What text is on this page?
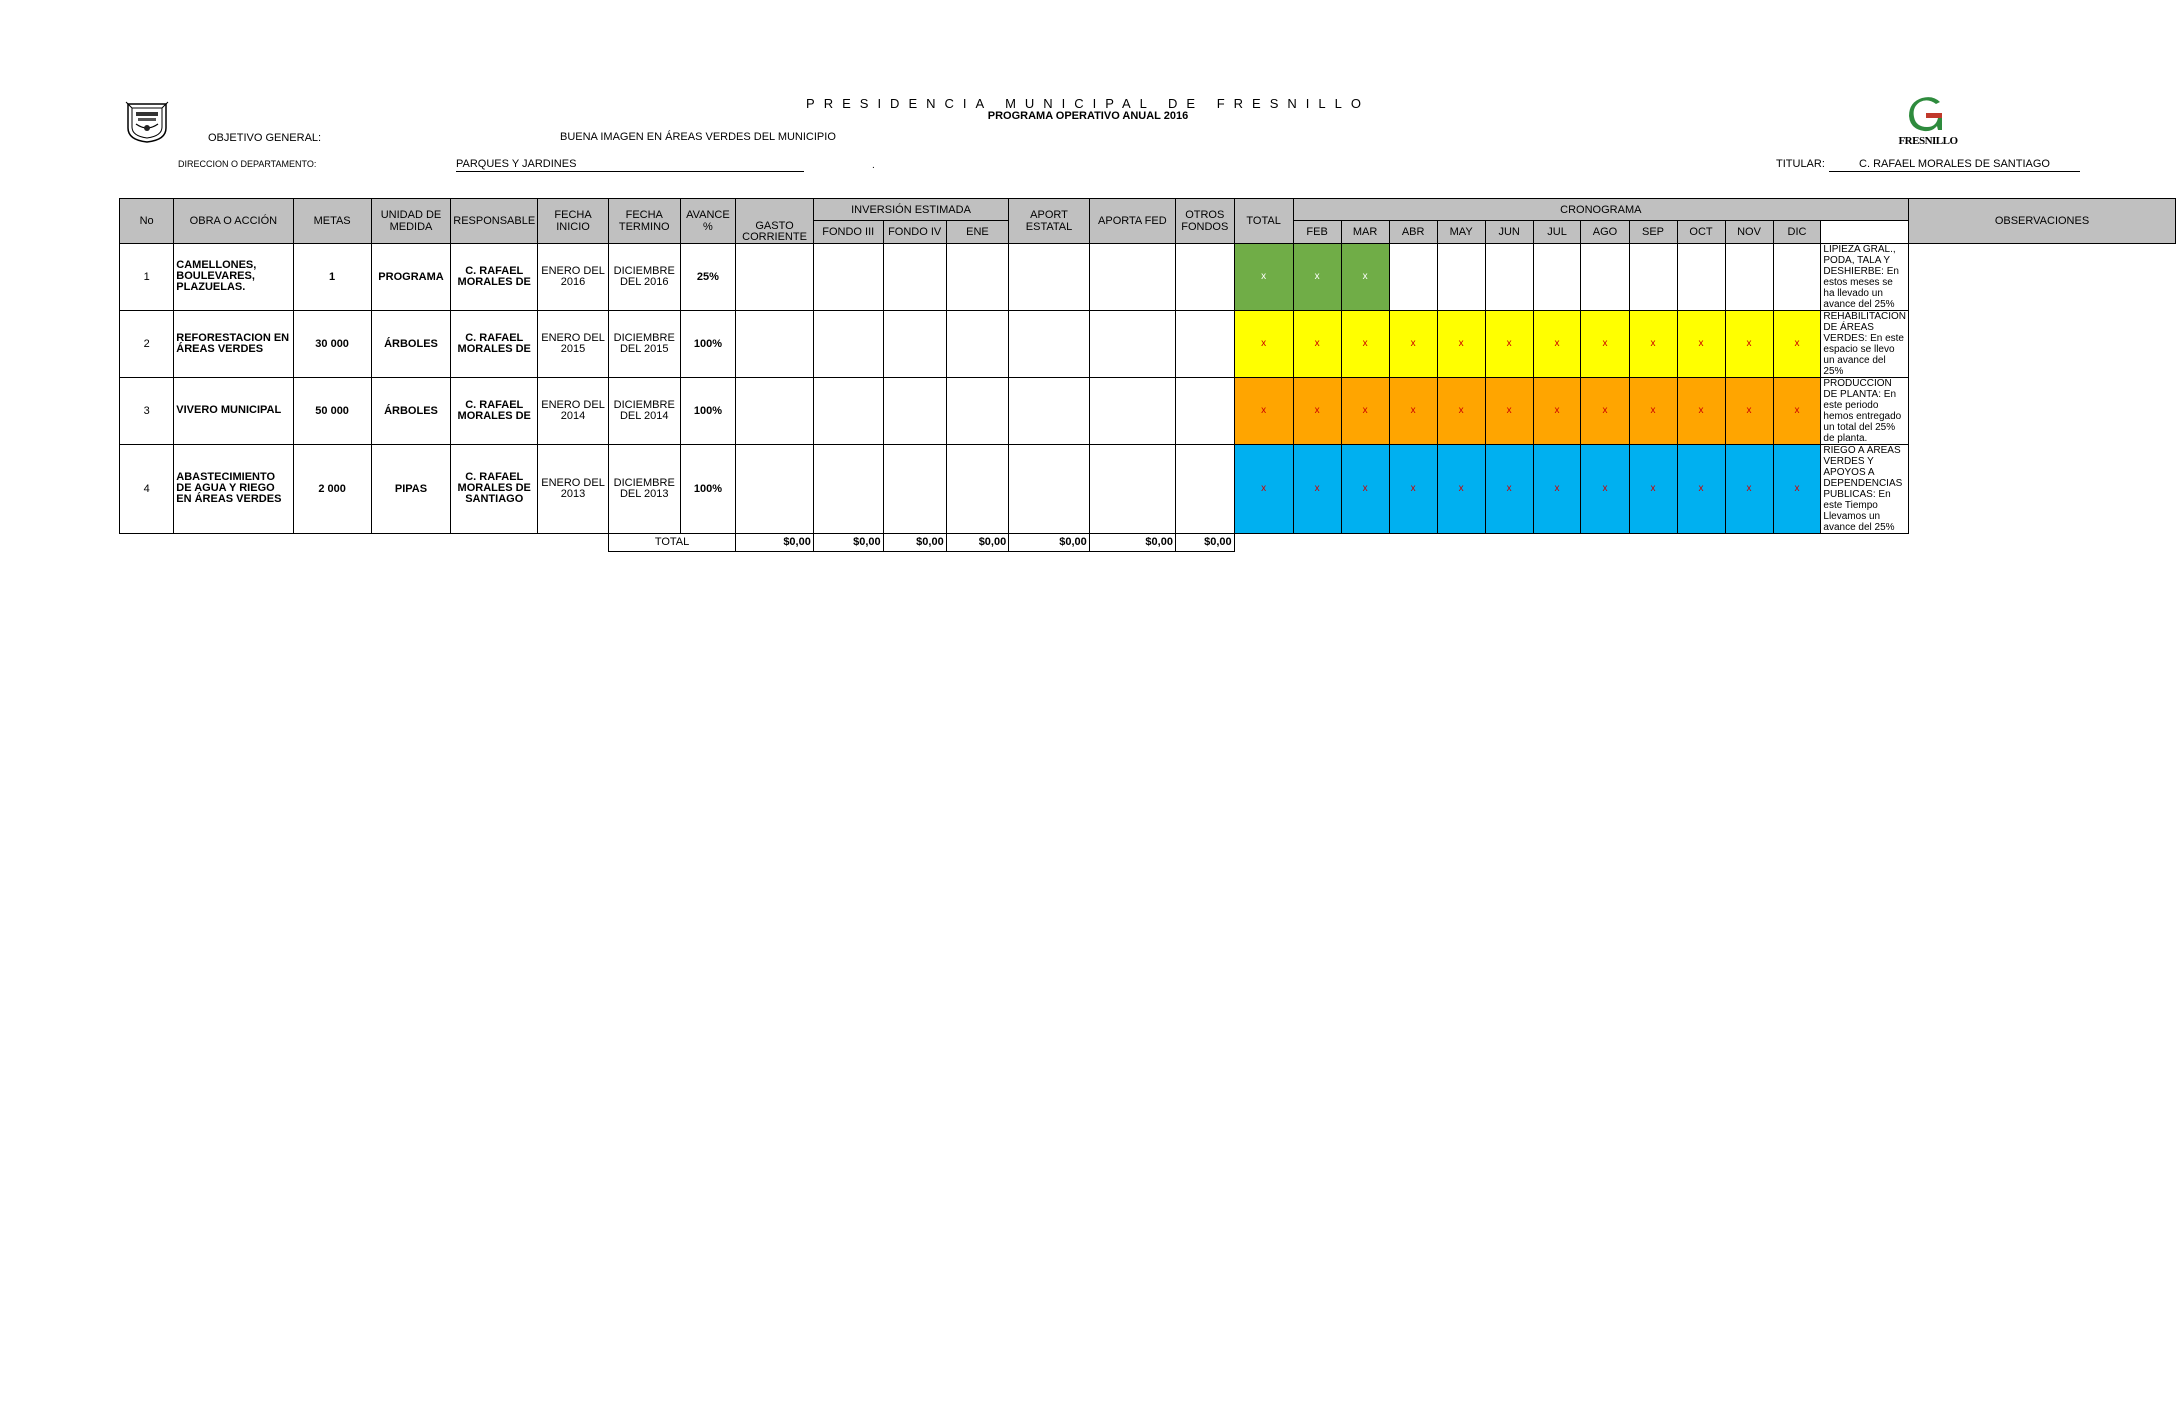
FRESNILLO
PRESIDENCIA MUNICIPAL DE FRESNILLO
PROGRAMA OPERATIVO ANUAL 2016
OBJETIVO GENERAL:	BUENA IMAGEN EN ÁREAS VERDES DEL MUNICIPIO
DIRECCION O DEPARTAMENTO:	PARQUES Y JARDINES	.	TITULAR:	C. RAFAEL MORALES DE SANTIAGO
No	OBRA O ACCIÓN	METAS	UNIDAD DE MEDIDA	RESPONSABLE	FECHA INICIO	FECHA TERMINO	AVANCE %		INVERSIÓN ESTIMADA			APORT ESTATAL	APORTA FED	OTROS FONDOS	TOTAL	CRONOGRAMA												OBSERVACIONES
								GASTO CORRIENTE	FONDO III	FONDO IV	ENE					FEB	MAR	ABR	MAY	JUN	JUL	AGO	SEP	OCT	NOV	DIC		
1	CAMELLONES, BOULEVARES, PLAZUELAS.	1	PROGRAMA	C. RAFAEL MORALES DE	ENERO DEL 2016	DICIEMBRE DEL 2016	25%								x	x	x										LIPIEZA GRAL., PODA, TALA Y DESHIERBE: En estos meses se ha llevado un avance del 25%	
2	REFORESTACION EN ÁREAS VERDES	30 000	ÁRBOLES	C. RAFAEL MORALES DE	ENERO DEL 2015	DICIEMBRE DEL 2015	100%								x	x	x	x	x	x	x	x	x	x	x	x	REHABILITACION DE ÁREAS VERDES: En este espacio se llevo un avance del 25%	
3	VIVERO MUNICIPAL	50 000	ÁRBOLES	C. RAFAEL MORALES DE	ENERO DEL 2014	DICIEMBRE DEL 2014	100%								x	x	x	x	x	x	x	x	x	x	x	x	PRODUCCION DE PLANTA: En este periodo hemos entregado un total del 25% de planta.	
4	ABASTECIMIENTO DE AGUA Y RIEGO EN ÁREAS VERDES	2 000	PIPAS	C. RAFAEL MORALES DE SANTIAGO	ENERO DEL 2013	DICIEMBRE DEL 2013	100%								x	x	x	x	x	x	x	x	x	x	x	x	RIEGO A ÁREAS VERDES Y APOYOS A DEPENDENCIAS PUBLICAS: En este Tiempo Llevamos un avance del 25%	
						TOTAL		$0,00	$0,00	$0,00	$0,00	$0,00	$0,00	$0,00														
